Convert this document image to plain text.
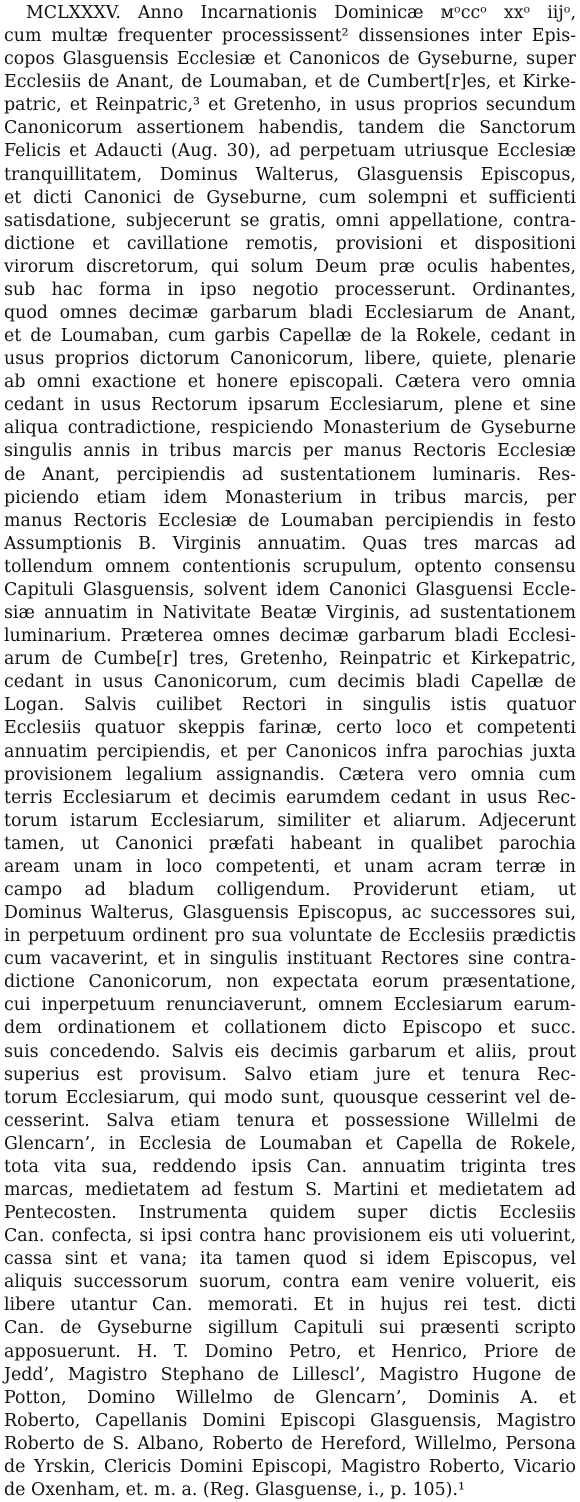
MCLXXXV. Anno Incarnationis Dominicæ ᴍᵒccᵒ xxᵒ iijᵒ,
cum multæ frequenter processissent² dissensiones inter Epis-
copos Glasguensis Ecclesiæ et Canonicos de Gyseburne, super
Ecclesiis de Anant, de Loumaban, et de Cumbert[r]es, et Kirke-
patric, et Reinpatric,³ et Gretenho, in usus proprios secundum
Canonicorum assertionem habendis, tandem die Sanctorum
Felicis et Adaucti (Aug. 30), ad perpetuam utriusque Ecclesiæ
tranquillitatem, Dominus Walterus, Glasguensis Episcopus,
et dicti Canonici de Gyseburne, cum solempni et sufficienti
satisdatione, subjecerunt se gratis, omni appellatione, contra-
dictione et cavillatione remotis, provisioni et dispositioni
virorum discretorum, qui solum Deum præ oculis habentes,
sub hac forma in ipso negotio processerunt. Ordinantes,
quod omnes decimæ garbarum bladi Ecclesiarum de Anant,
et de Loumaban, cum garbis Capellæ de la Rokele, cedant in
usus proprios dictorum Canonicorum, libere, quiete, plenarie
ab omni exactione et honere episcopali. Cætera vero omnia
cedant in usus Rectorum ipsarum Ecclesiarum, plene et sine
aliqua contradictione, respiciendo Monasterium de Gyseburne
singulis annis in tribus marcis per manus Rectoris Ecclesiæ
de Anant, percipiendis ad sustentationem luminaris. Res-
piciendo etiam idem Monasterium in tribus marcis, per
manus Rectoris Ecclesiæ de Loumaban percipiendis in festo
Assumptionis B. Virginis annuatim. Quas tres marcas ad
tollendum omnem contentionis scrupulum, optento consensu
Capituli Glasguensis, solvent idem Canonici Glasguensi Eccle-
siæ annuatim in Nativitate Beatæ Virginis, ad sustentationem
luminarium. Præterea omnes decimæ garbarum bladi Ecclesi-
arum de Cumbe[r] tres, Gretenho, Reinpatric et Kirkepatric,
cedant in usus Canonicorum, cum decimis bladi Capellæ de
Logan. Salvis cuilibet Rectori in singulis istis quatuor
Ecclesiis quatuor skeppis farinæ, certo loco et competenti
annuatim percipiendis, et per Canonicos infra parochias juxta
provisionem legalium assignandis. Cætera vero omnia cum
terris Ecclesiarum et decimis earumdem cedant in usus Rec-
torum istarum Ecclesiarum, similiter et aliarum. Adjecerunt
tamen, ut Canonici præfati habeant in qualibet parochia
aream unam in loco competenti, et unam acram terræ in
campo ad bladum colligendum. Providerunt etiam, ut
Dominus Walterus, Glasguensis Episcopus, ac successores sui,
in perpetuum ordinent pro sua voluntate de Ecclesiis prædictis
cum vacaverint, et in singulis instituant Rectores sine contra-
dictione Canonicorum, non expectata eorum præsentatione,
cui inperpetuum renunciaverunt, omnem Ecclesiarum earum-
dem ordinationem et collationem dicto Episcopo et succ.
suis concedendo. Salvis eis decimis garbarum et aliis, prout
superius est provisum. Salvo etiam jure et tenura Rec-
torum Ecclesiarum, qui modo sunt, quousque cesserint vel de-
cesserint. Salva etiam tenura et possessione Willelmi de
Glencarn’, in Ecclesia de Loumaban et Capella de Rokele,
tota vita sua, reddendo ipsis Can. annuatim triginta tres
marcas, medietatem ad festum S. Martini et medietatem ad
Pentecosten. Instrumenta quidem super dictis Ecclesiis
Can. confecta, si ipsi contra hanc provisionem eis uti voluerint,
cassa sint et vana; ita tamen quod si idem Episcopus, vel
aliquis successorum suorum, contra eam venire voluerit, eis
libere utantur Can. memorati. Et in hujus rei test. dicti
Can. de Gyseburne sigillum Capituli sui præsenti scripto
apposuerunt. H. T. Domino Petro, et Henrico, Priore de
Jedd’, Magistro Stephano de Lillescl’, Magistro Hugone de
Potton, Domino Willelmo de Glencarn’, Dominis A. et
Roberto, Capellanis Domini Episcopi Glasguensis, Magistro
Roberto de S. Albano, Roberto de Hereford, Willelmo, Persona
de Yrskin, Clericis Domini Episcopi, Magistro Roberto, Vicario
de Oxenham, et. m. a. (Reg. Glasguense, i., p. 105).¹
